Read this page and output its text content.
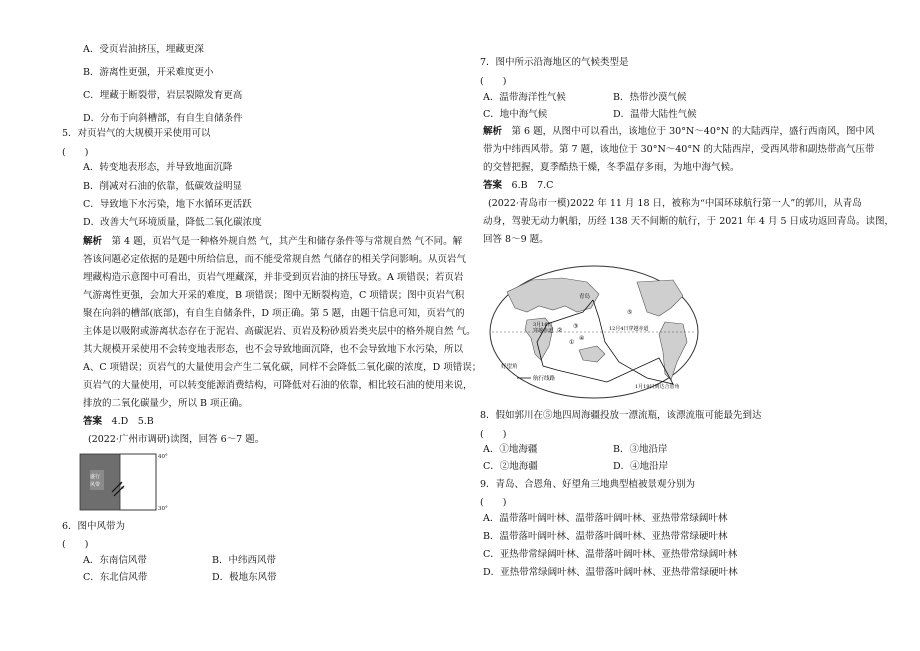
A．受页岩油挤压，埋藏更深
B．游离性更强，开采难度更小
C．埋藏于断裂带，岩层裂隙发育更高
D．分布于向斜槽部，有自生自储条件
5．对页岩气的大规模开采使用可以
(　　)
A．转变地表形态，并导致地面沉降
B．削减对石油的依靠，低碳效益明显
C．导致地下水污染，地下水循环更活跃
D．改善大气环境质量，降低二氧化碳浓度
解析　第 4 题，页岩气是一种格外规自然 气，其产生和储存条件等与常规自然 气不同。解
答该问题必定依据的是题中所给信息，而不能受常规自然 气储存的相关学问影响。从页岩气
埋藏构造示意图中可看出，页岩气埋藏深，并非受到页岩油的挤压导致。A 项错误；若页岩
气游离性更强，会加大开采的难度，B 项错误；图中无断裂构造，C 项错误；图中页岩气积
聚在向斜的槽部(底部)，有自生自储条件，D 项正确。第 5 题，由题干信息可知，页岩气的
主体是以吸附或游离状态存在于泥岩、高碳泥岩、页岩及粉砂质岩类夹层中的格外规自然 气。
其大规模开采使用不会转变地表形态，也不会导致地面沉降，也不会导致地下水污染，所以
A、C 项错误；页岩气的大量使用会产生二氧化碳，同样不会降低二氧化碳的浓度，D 项错误；
页岩气的大量使用，可以转变能源消费结构，可降低对石油的依靠，相比较石油的使用来说，
排放的二氧化碳量少，所以 B 项正确。
答案　 4.D　5.B
(2022·广州市调研)读图，回答 6～7 题。
40°
30°
盛行
风带
6．图中风带为
(　　)
A．东南信风带	B．中纬西风带
C．东北信风带	D．极地东风带
7．图中所示沿海地区的气候类型是
(　　)
A．温带海洋性气候	B．热带沙漠气候
C．地中海气候	D．温带大陆性气候
解析　第 6 题，从图中可以看出，该地位于 30°N～40°N 的大陆西岸，盛行西南风，图中风
带为中纬西风带。第 7 题，该地位于 30°N～40°N 的大陆西岸，受西风带和副热带高气压带
的交替把握，夏季酷热干燥，冬季温存多雨，为地中海气候。
答案　 6.B　7.C
(2022·青岛市一模)2022 年 11 月 18 日，被称为“中国环球航行第一人”的郭川，从青岛
动身，驾驶无动力帆船，历经 138 天不间断的航行，于 2021 年 4 月 5 日成功返回青岛。读图，
回答 8～9 题。
青岛
3月16日
穿越赤道	12月4日穿越赤道
好望角
航行线路
1月19日到达合恩角
①
②
③
④
⑤
8．假如郭川在⑤地四周海疆投放一漂流瓶，该漂流瓶可能最先到达
(　　)
A．①地海疆	B．③地沿岸
C．②地海疆	D．④地沿岸
9．青岛、合恩角、好望角三地典型植被景观分别为
(　　)
A．温带落叶阔叶林、温带落叶阔叶林、亚热带常绿阔叶林
B．温带落叶阔叶林、温带落叶阔叶林、亚热带常绿硬叶林
C．亚热带常绿阔叶林、温带落叶阔叶林、亚热带常绿阔叶林
D．亚热带常绿阔叶林、温带落叶阔叶林、亚热带常绿硬叶林
